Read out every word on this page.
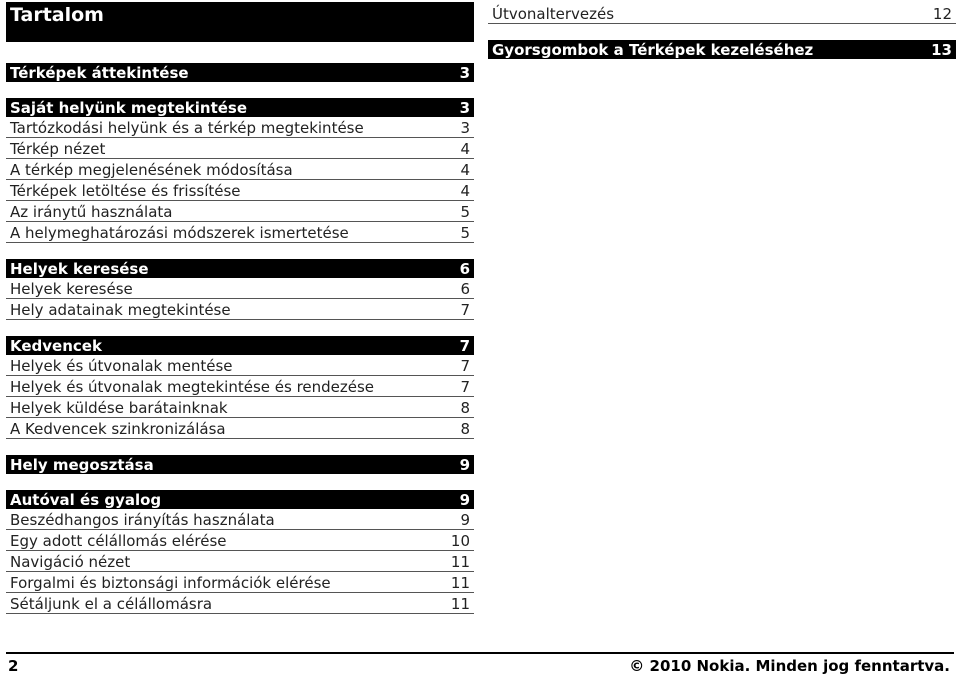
Tartalom
Térképek áttekintése	3
Saját helyünk megtekintése	3
Tartózkodási helyünk és a térkép megtekintése	3
Térkép nézet	4
A térkép megjelenésének módosítása	4
Térképek letöltése és frissítése	4
Az iránytű használata	5
A helymeghatározási módszerek ismertetése	5
Helyek keresése	6
Helyek keresése	6
Hely adatainak megtekintése	7
Kedvencek	7
Helyek és útvonalak mentése	7
Helyek és útvonalak megtekintése és rendezése	7
Helyek küldése barátainknak	8
A Kedvencek szinkronizálása	8
Hely megosztása	9
Autóval és gyalog	9
Beszédhangos irányítás használata	9
Egy adott célállomás elérése	10
Navigáció nézet	11
Forgalmi és biztonsági információk elérése	11
Sétáljunk el a célállomásra	11
Útvonaltervezés	12
Gyorsgombok a Térképek kezeléséhez	13
2	© 2010 Nokia. Minden jog fenntartva.
